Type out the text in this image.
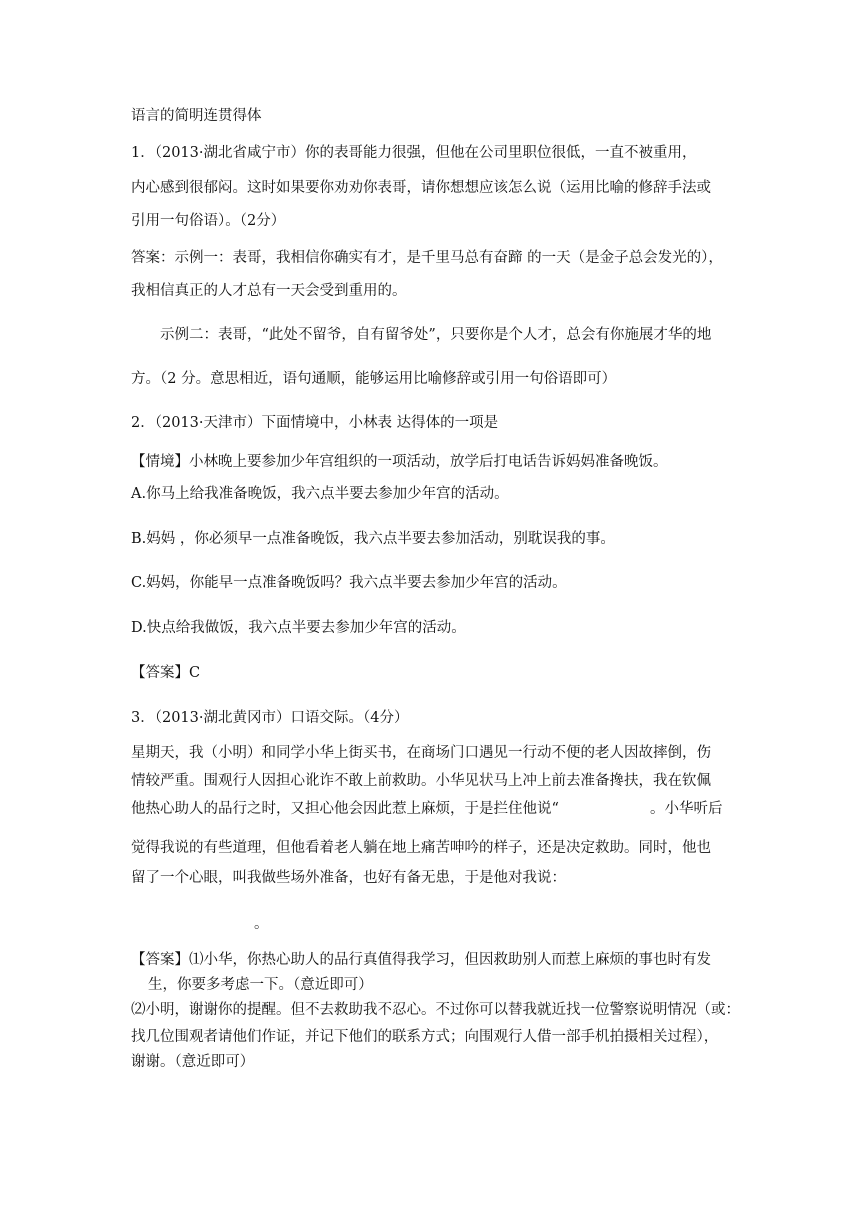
语言的简明连贯得体
1．（2013·湖北省咸宁市）你的表哥能力很强，但他在公司里职位很低，一直不被重用，
内心感到很郁闷。这时如果要你劝劝你表哥，请你想想应该怎么说（运用比喻的修辞手法或
引用一句俗语）。（2分）
答案：示例一：表哥，我相信你确实有才，是千里马总有奋蹄 的一天（是金子总会发光的），
我相信真正的人才总有一天会受到重用的。
示例二：表哥，“此处不留爷，自有留爷处”，只要你是个人才，总会有你施展才华的地
方。（2 分。意思相近，语句通顺，能够运用比喻修辞或引用一句俗语即可）
2．（2013·天津市）下面情境中，小林表 达得体的一项是
【情境】小林晚上要参加少年宫组织的一项活动，放学后打电话告诉妈妈准备晚饭。
A.你马上给我准备晚饭，我六点半要去参加少年宫的活动。
B.妈妈 ，你必须早一点准备晚饭，我六点半要去参加活动，别耽误我的事。
C.妈妈，你能早一点准备晚饭吗？我六点半要去参加少年宫的活动。
D.快点给我做饭，我六点半要去参加少年宫的活动。
【答案】C
3．（2013·湖北黄冈市）口语交际。（4分）
星期天，我（小明）和同学小华上街买书，在商场门口遇见一行动不便的老人因故摔倒，伤
情较严重。围观行人因担心讹诈不敢上前救助。小华见状马上冲上前去准备搀扶，我在钦佩
他热心助人的品行之时，又担心他会因此惹上麻烦，于是拦住他说“	。小华听后
觉得我说的有些道理，但他看着老人躺在地上痛苦呻吟的样子，还是决定救助。同时，他也
留了一个心眼，叫我做些场外准备，也好有备无患，于是他对我说：
。
【答案】⑴小华，你热心助人的品行真值得我学习，但因救助别人而惹上麻烦的事也时有发
生，你要多考虑一下。（意近即可）
⑵小明，谢谢你的提醒。但不去救助我不忍心。不过你可以替我就近找一位警察说明情况（或：
找几位围观者请他们作证，并记下他们的联系方式；向围观行人借一部手机拍摄相关过程），
谢谢。（意近即可）
